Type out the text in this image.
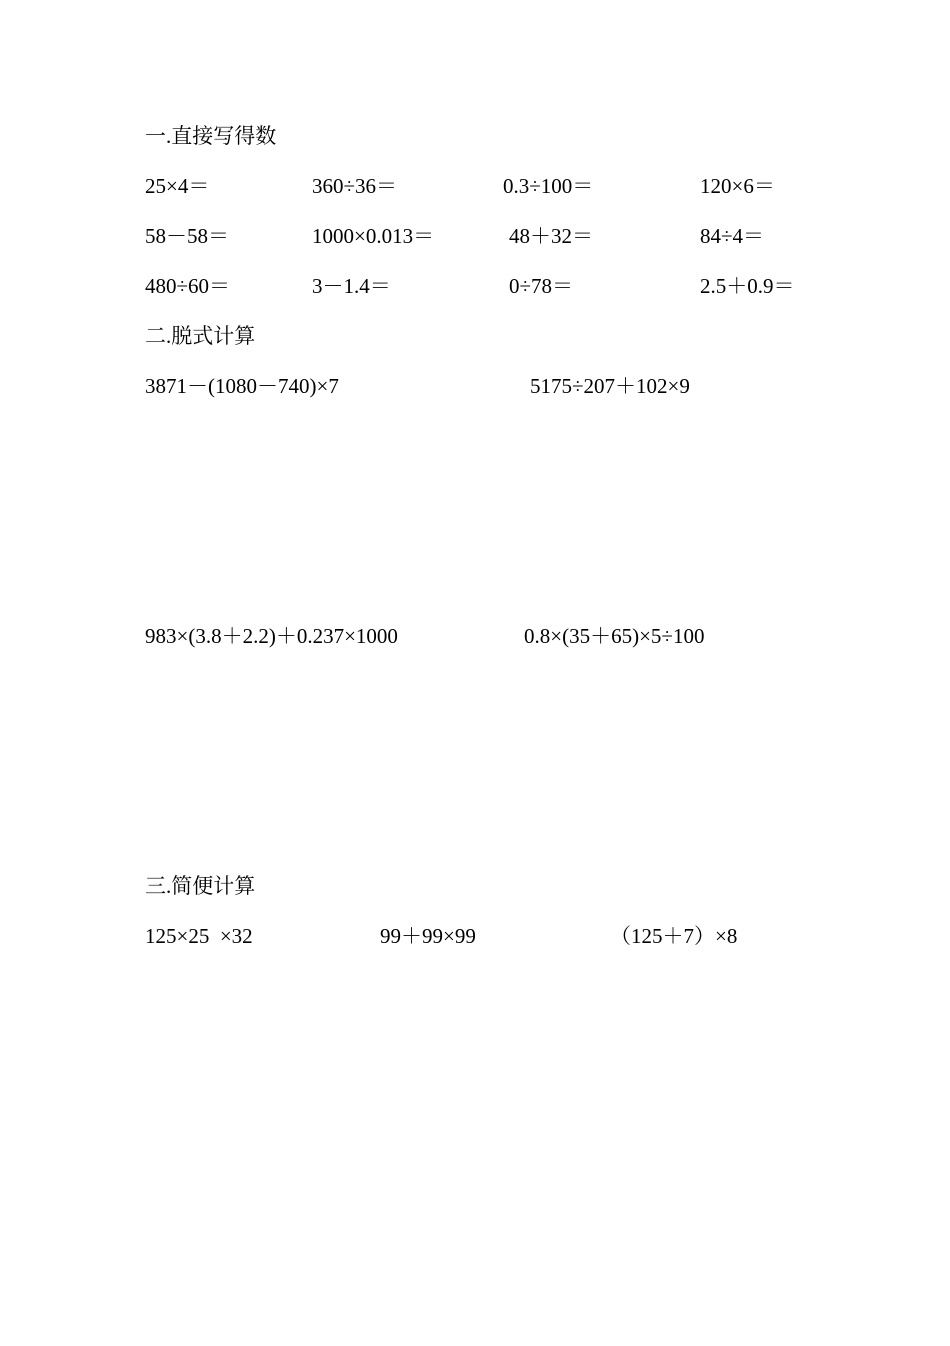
一.直接写得数
25×4＝	360÷36＝	0.3÷100＝	120×6＝
58－58＝	1000×0.013＝	48＋32＝	84÷4＝
480÷60＝	3－1.4＝	0÷78＝	2.5＋0.9＝
二.脱式计算
3871－(1080－740)×7	5175÷207＋102×9
983×(3.8＋2.2)＋0.237×1000	0.8×(35＋65)×5÷100
三.简便计算
125×25  ×32	99＋99×99	（125＋7）×8
